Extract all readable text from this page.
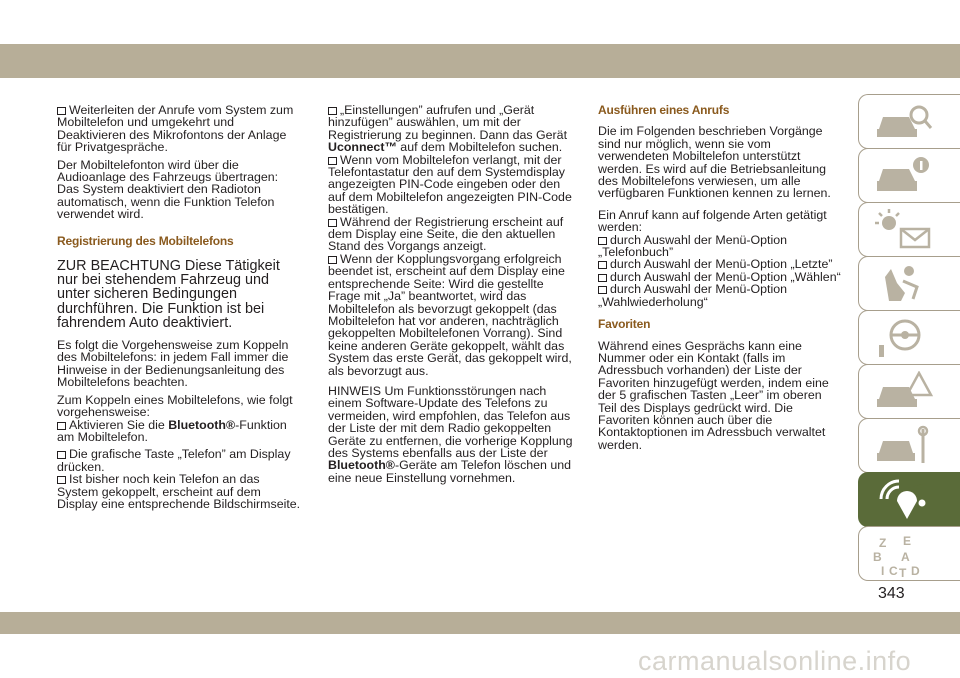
Weiterleiten der Anrufe vom System zum Mobiltelefon und umgekehrt und Deaktivieren des Mikrofontons der Anlage für Privatgespräche.

Der Mobiltelefonton wird über die Audioanlage des Fahrzeugs übertragen: Das System deaktiviert den Radioton automatisch, wenn die Funktion Telefon verwendet wird.

Registrierung des Mobiltelefons

ZUR BEACHTUNG Diese Tätigkeit nur bei stehendem Fahrzeug und unter sicheren Bedingungen durchführen. Die Funktion ist bei fahrendem Auto deaktiviert.

Es folgt die Vorgehensweise zum Koppeln des Mobiltelefons: in jedem Fall immer die Hinweise in der Bedienungsanleitung des Mobiltelefons beachten.

Zum Koppeln eines Mobiltelefons, wie folgt vorgehensweise:

Aktivieren Sie die Bluetooth®-Funktion am Mobiltelefon.

Die grafische Taste „Telefon” am Display drücken.

Ist bisher noch kein Telefon an das System gekoppelt, erscheint auf dem Display eine entsprechende Bildschirmseite.

„Einstellungen” aufrufen und „Gerät hinzufügen” auswählen, um mit der Registrierung zu beginnen. Dann das Gerät Uconnect™ auf dem Mobiltelefon suchen.

Wenn vom Mobiltelefon verlangt, mit der Telefontastatur den auf dem Systemdisplay angezeigten PIN-Code eingeben oder den auf dem Mobiltelefon angezeigten PIN-Code bestätigen.

Während der Registrierung erscheint auf dem Display eine Seite, die den aktuellen Stand des Vorgangs anzeigt.

Wenn der Kopplungsvorgang erfolgreich beendet ist, erscheint auf dem Display eine entsprechende Seite: Wird die gestellte Frage mit „Ja” beantwortet, wird das Mobiltelefon als bevorzugt gekoppelt (das Mobiltelefon hat vor anderen, nachträglich gekoppelten Mobiltelefonen Vorrang). Sind keine anderen Geräte gekoppelt, wählt das System das erste Gerät, das gekoppelt wird, als bevorzugt aus.

HINWEIS Um Funktionsstörungen nach einem Software-Update des Telefons zu vermeiden, wird empfohlen, das Telefon aus der Liste der mit dem Radio gekoppelten Geräte zu entfernen, die vorherige Kopplung des Systems ebenfalls aus der Liste der Bluetooth®-Geräte am Telefon löschen und eine neue Einstellung vornehmen.

Ausführen eines Anrufs

Die im Folgenden beschrieben Vorgänge sind nur möglich, wenn sie vom verwendeten Mobiltelefon unterstützt werden. Es wird auf die Betriebsanleitung des Mobiltelefons verwiesen, um alle verfügbaren Funktionen kennen zu lernen.

Ein Anruf kann auf folgende Arten getätigt werden:

durch Auswahl der Menü-Option „Telefonbuch”

durch Auswahl der Menü-Option „Letzte”

durch Auswahl der Menü-Option „Wählen“

durch Auswahl der Menü-Option „Wahlwiederholung“

Favoriten

Während eines Gesprächs kann eine Nummer oder ein Kontakt (falls im Adressbuch vorhanden) der Liste der Favoriten hinzugefügt werden, indem eine der 5 grafischen Tasten „Leer” im oberen Teil des Displays gedrückt wird. Die Favoriten können auch über die Kontaktoptionen im Adressbuch verwaltet werden.

Z E
B A
I C T D
343
carmanualsonline.info
